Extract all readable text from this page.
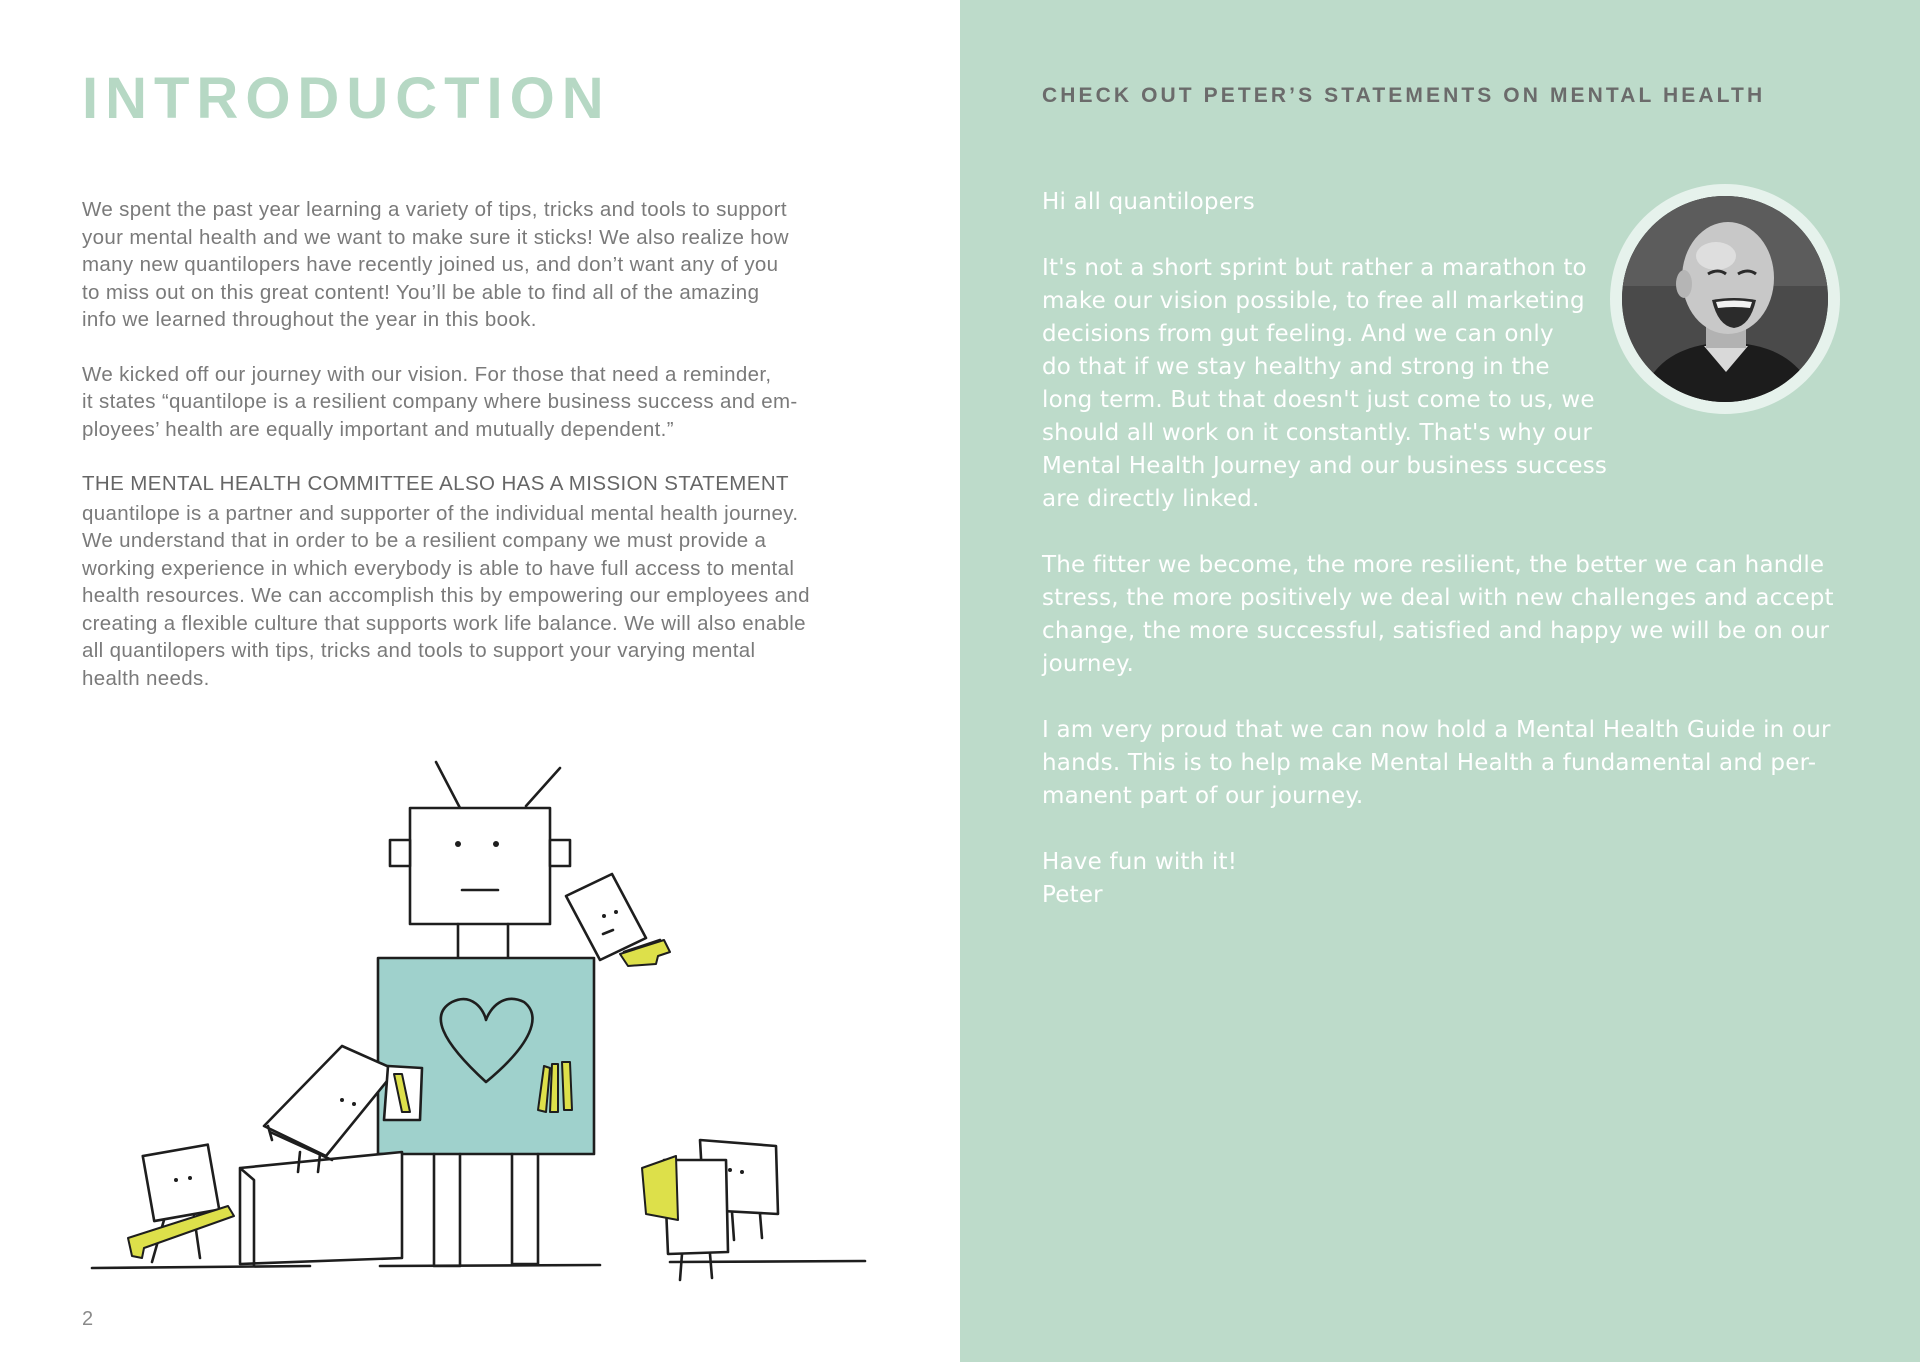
INTRODUCTION

We spent the past year learning a variety of tips, tricks and tools to support
your mental health and we want to make sure it sticks! We also realize how
many new quantilopers have recently joined us, and don’t want any of you
to miss out on this great content! You’ll be able to find all of the amazing
info we learned throughout the year in this book.

We kicked off our journey with our vision. For those that need a reminder,
it states “quantilope is a resilient company where business success and em-
ployees’ health are equally important and mutually dependent.”

THE MENTAL HEALTH COMMITTEE ALSO HAS A MISSION STATEMENT

quantilope is a partner and supporter of the individual mental health journey.
We understand that in order to be a resilient company we must provide a
working experience in which everybody is able to have full access to mental
health resources. We can accomplish this by empowering our employees and
creating a flexible culture that supports work life balance. We will also enable
all quantilopers with tips, tricks and tools to support your varying mental
health needs.

2
CHECK OUT PETER’S STATEMENTS ON MENTAL HEALTH

Hi all quantilopers

It's not a short sprint but rather a marathon to
make our vision possible, to free all marketing
decisions from gut feeling. And we can only
do that if we stay healthy and strong in the
long term. But that doesn't just come to us, we
should all work on it constantly. That's why our
Mental Health Journey and our business success
are directly linked.

The fitter we become, the more resilient, the better we can handle
stress, the more positively we deal with new challenges and accept
change, the more successful, satisfied and happy we will be on our
journey.

I am very proud that we can now hold a Mental Health Guide in our
hands. This is to help make Mental Health a fundamental and per-
manent part of our journey.

Have fun with it!
Peter
